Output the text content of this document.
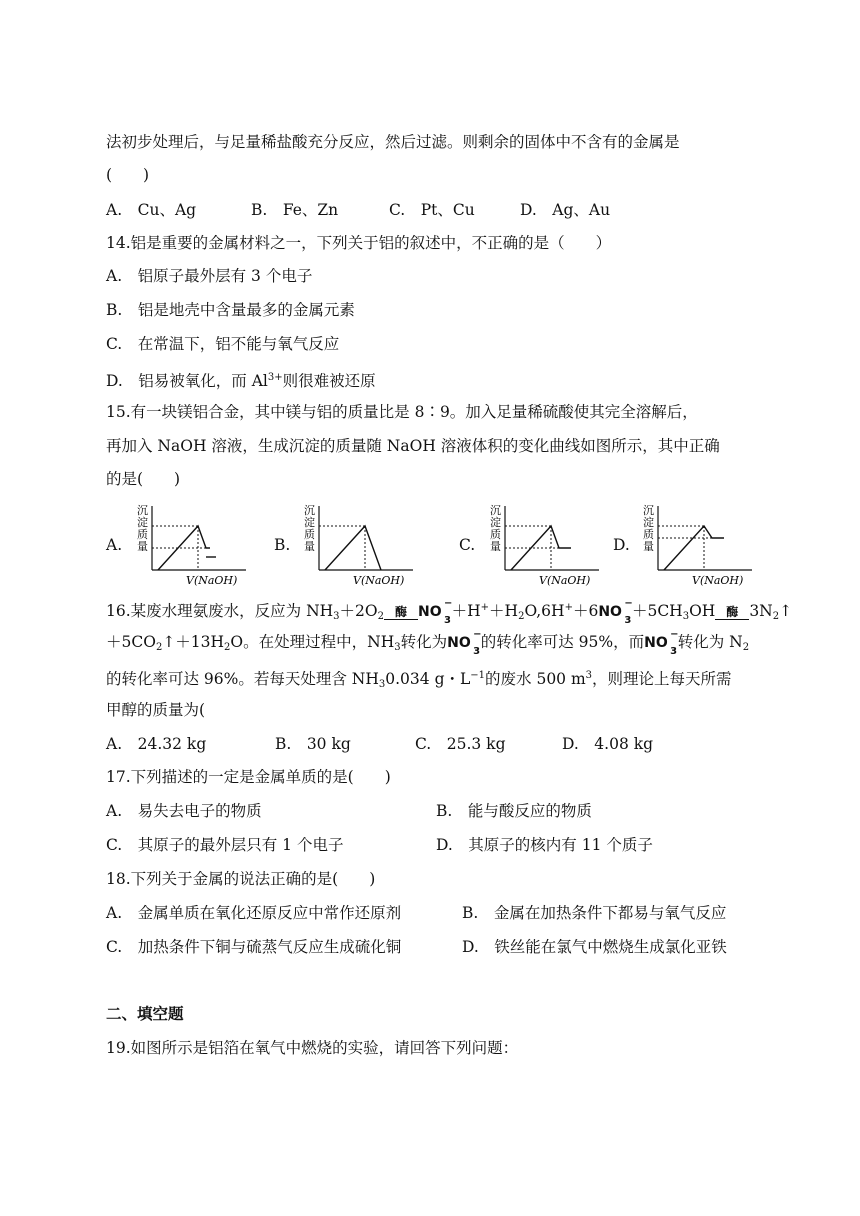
法初步处理后，与足量稀盐酸充分反应，然后过滤。则剩余的固体中不含有的金属是
(　　)
A.　Cu、Ag	B.　Fe、Zn	C.　Pt、Cu	D.　Ag、Au
14.铝是重要的金属材料之一，下列关于铝的叙述中，不正确的是（　　）
A.　铝原子最外层有 3 个电子
B.　铝是地壳中含量最多的金属元素
C.　在常温下，铝不能与氧气反应
D.　铝易被氧化，而 $Al^{3+}$则很难被还原
15.有一块镁铝合金，其中镁与铝的质量比是 8∶9。加入足量稀硫酸使其完全溶解后，
再加入 NaOH 溶液，生成沉淀的质量随 NaOH 溶液体积的变化曲线如图所示，其中正确
的是(　　)
A.
沉
淀
质
量
V(NaOH)
B.
沉
淀
质
量
V(NaOH)
C.
沉
淀
质
量
V(NaOH)
D.
沉
淀
质
量
V(NaOH)
16.某废水理氨废水，反应为 $NH_3+2O_2$ 酶 NO
−
3
$+H^++H_2O,6H^++6NO$
−
3
$+5CH_3OH$ 酶 $3N_2↑$
$+5CO_2↑+13H_2O$。在处理过程中，$NH_3$转化为NO
−
3
的转化率可达 95%，而NO
−
3
转化为 $N_2$
的转化率可达 96%。若每天处理含 $NH_30.034$ g・$L^{-1}$的废水 500 $m^3$，则理论上每天所需
甲醇的质量为(
A.　24.32 kg	B.　30 kg	C.　25.3 kg	D.　4.08 kg
17.下列描述的一定是金属单质的是(　　)
A.　易失去电子的物质	B.　能与酸反应的物质
C.　其原子的最外层只有 1 个电子	D.　其原子的核内有 11 个质子
18.下列关于金属的说法正确的是(　　)
A.　金属单质在氧化还原反应中常作还原剂	B.　金属在加热条件下都易与氧气反应
C.　加热条件下铜与硫蒸气反应生成硫化铜	D.　铁丝能在氯气中燃烧生成氯化亚铁
二、填空题
19.如图所示是铝箔在氧气中燃烧的实验，请回答下列问题：
